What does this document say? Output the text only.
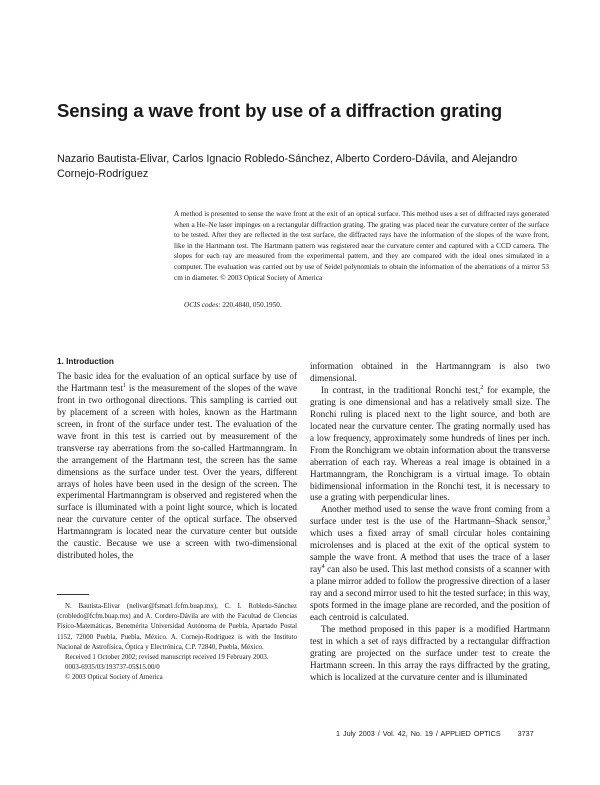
Sensing a wave front by use of a diffraction grating
Nazario Bautista-Elivar, Carlos Ignacio Robledo-Sánchez, Alberto Cordero-Dávila, and Alejandro Cornejo-Rodríguez
A method is presented to sense the wave front at the exit of an optical surface. This method uses a set of diffracted rays generated when a He–Ne laser impinges on a rectangular diffraction grating. The grating was placed near the curvature center of the surface to be tested. After they are reflected in the test surface, the diffracted rays have the information of the slopes of the wave front, like in the Hartmann test. The Hartmann pattern was registered near the curvature center and captured with a CCD camera. The slopes for each ray are measured from the experimental pattern, and they are compared with the ideal ones simulated in a computer. The evaluation was carried out by use of Seidel polynomials to obtain the information of the aberrations of a mirror 53 cm in diameter. © 2003 Optical Society of America
OCIS codes: 220.4840, 050.1950.
1. Introduction

The basic idea for the evaluation of an optical surface by use of the Hartmann test$^1$ is the measurement of the slopes of the wave front in two orthogonal directions. This sampling is carried out by placement of a screen with holes, known as the Hartmann screen, in front of the surface under test. The evaluation of the wave front in this test is carried out by measurement of the transverse ray aberrations from the so-called Hartmanngram. In the arrangement of the Hartmann test, the screen has the same dimensions as the surface under test. Over the years, different arrays of holes have been used in the design of the screen. The experimental Hartmanngram is observed and registered when the surface is illuminated with a point light source, which is located near the curvature center of the optical surface. The observed Hartmanngram is located near the curvature center but outside the caustic. Because we use a screen with two-dimensional distributed holes, the

information obtained in the Hartmanngram is also two dimensional.

In contrast, in the traditional Ronchi test,$^2$ for example, the grating is one dimensional and has a relatively small size. The Ronchi ruling is placed next to the light source, and both are located near the curvature center. The grating normally used has a low frequency, approximately some hundreds of lines per inch. From the Ronchigram we obtain information about the transverse aberration of each ray. Whereas a real image is obtained in a Hartmanngram, the Ronchigram is a virtual image. To obtain bidimensional information in the Ronchi test, it is necessary to use a grating with perpendicular lines.

Another method used to sense the wave front coming from a surface under test is the use of the Hartmann–Shack sensor,$^3$ which uses a fixed array of small circular holes containing microlenses and is placed at the exit of the optical system to sample the wave front. A method that uses the trace of a laser ray$^4$ can also be used. This last method consists of a scanner with a plane mirror added to follow the progressive direction of a laser ray and a second mirror used to hit the tested surface; in this way, spots formed in the image plane are recorded, and the position of each centroid is calculated.

The method proposed in this paper is a modified Hartmann test in which a set of rays diffracted by a rectangular diffraction grating are projected on the surface under test to create the Hartmann screen. In this array the rays diffracted by the grating, which is localized at the curvature center and is illuminated

N. Bautista-Elivar (nelivar@fsmat1.fcfm.buap.mx), C. I. Robledo-Sánchez (crobledo@fcfm.buap.mx) and A. Cordero-Dávila are with the Facultad de Ciencias Físico-Matemáticas, Benemérita Universidad Autónoma de Puebla, Apartado Postal 1152, 72000 Puebla, Puebla, México. A. Cornejo-Rodríguez is with the Instituto Nacional de Astrofísica, Óptica y Electrónica, C.P. 72840, Puebla, México.

Received 1 October 2002; revised manuscript received 19 February 2003.

0003-6935/03/193737-05$15.00/0

© 2003 Optical Society of America

1 July 2003 / Vol. 42, No. 19 / APPLIED OPTICS 3737
